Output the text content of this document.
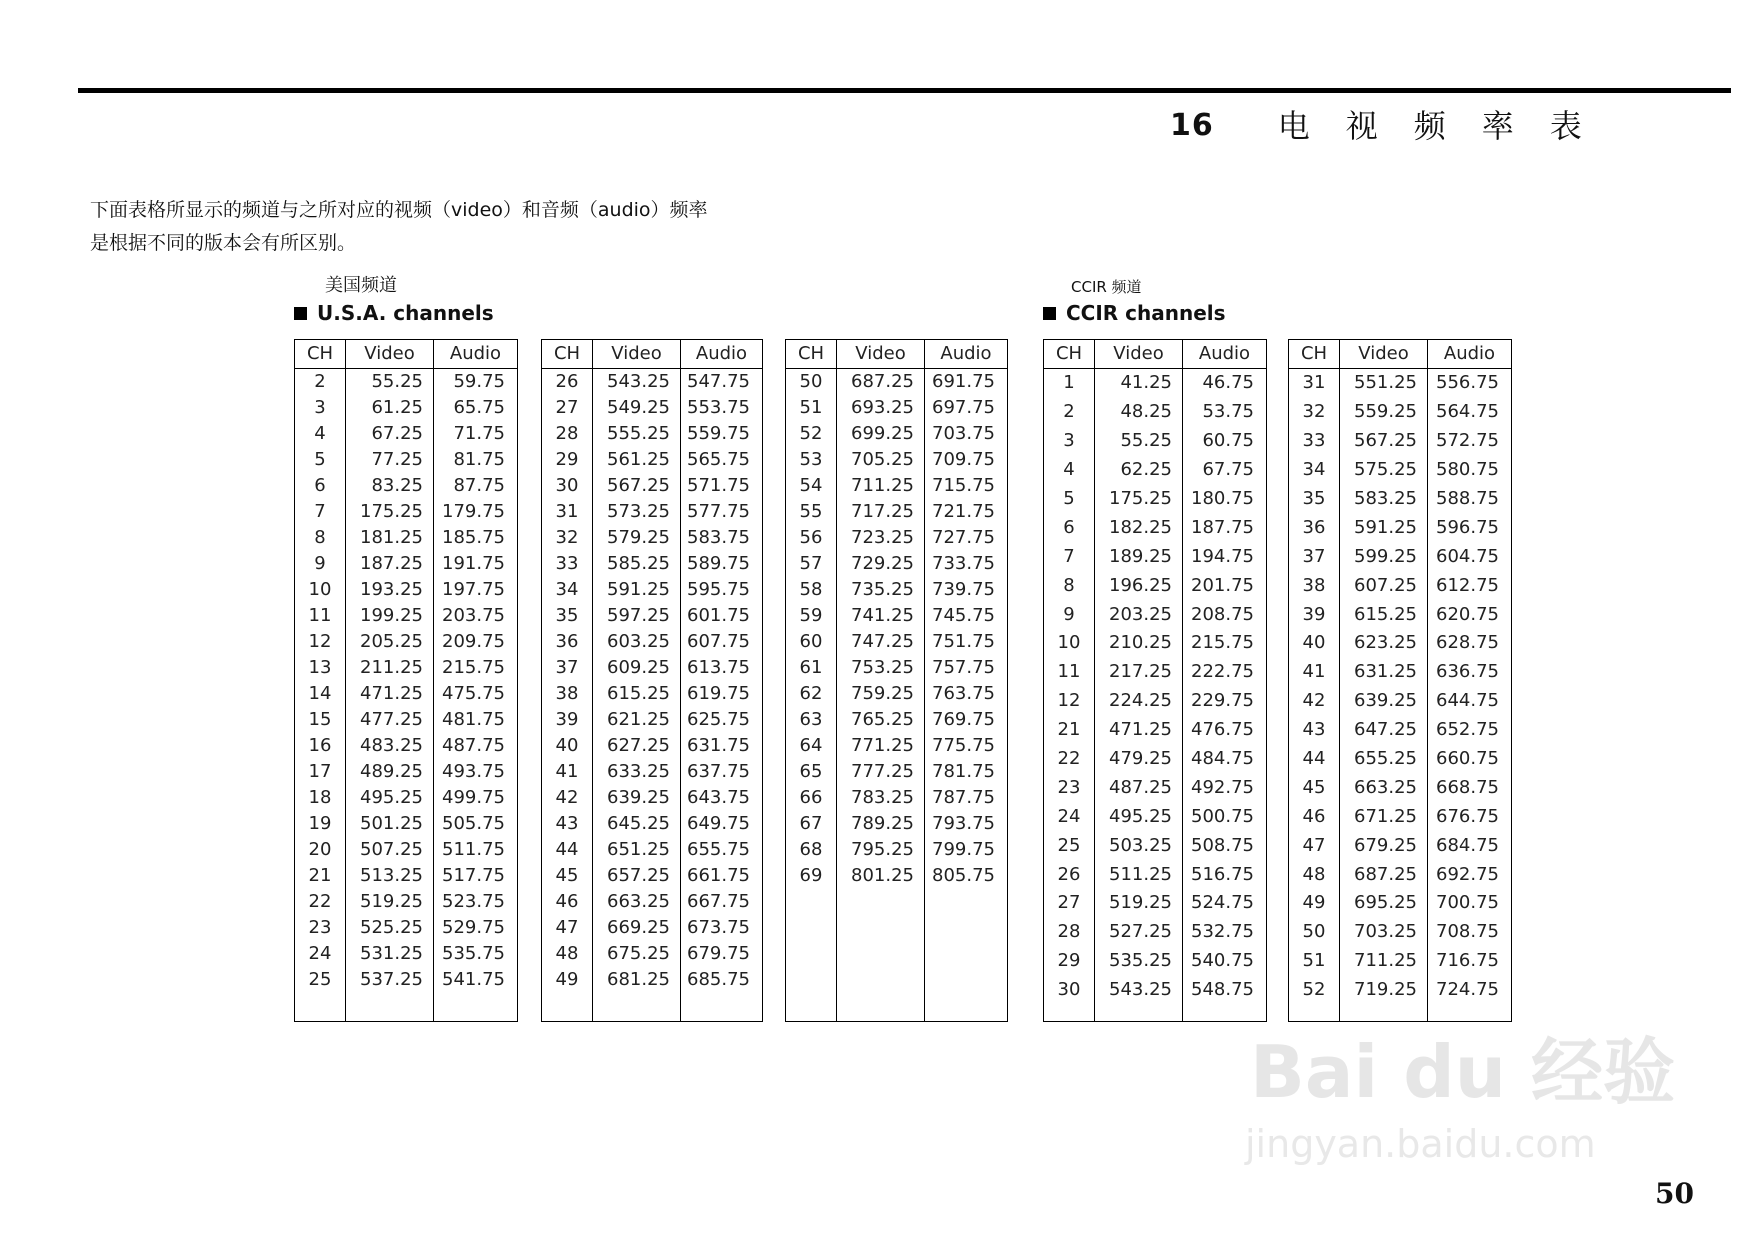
16 电视频率表
下面表格所显示的频道与之所对应的视频（video）和音频（audio）频率
是根据不同的版本会有所区别。
美国频道
U.S.A. channels
CCIR 频道
CCIR channels
CH	Video	Audio
2	55.25	59.75
3	61.25	65.75
4	67.25	71.75
5	77.25	81.75
6	83.25	87.75
7	175.25	179.75
8	181.25	185.75
9	187.25	191.75
10	193.25	197.75
11	199.25	203.75
12	205.25	209.75
13	211.25	215.75
14	471.25	475.75
15	477.25	481.75
16	483.25	487.75
17	489.25	493.75
18	495.25	499.75
19	501.25	505.75
20	507.25	511.75
21	513.25	517.75
22	519.25	523.75
23	525.25	529.75
24	531.25	535.75
25	537.25	541.75

CH	Video	Audio
26	543.25	547.75
27	549.25	553.75
28	555.25	559.75
29	561.25	565.75
30	567.25	571.75
31	573.25	577.75
32	579.25	583.75
33	585.25	589.75
34	591.25	595.75
35	597.25	601.75
36	603.25	607.75
37	609.25	613.75
38	615.25	619.75
39	621.25	625.75
40	627.25	631.75
41	633.25	637.75
42	639.25	643.75
43	645.25	649.75
44	651.25	655.75
45	657.25	661.75
46	663.25	667.75
47	669.25	673.75
48	675.25	679.75
49	681.25	685.75

CH	Video	Audio
50	687.25	691.75
51	693.25	697.75
52	699.25	703.75
53	705.25	709.75
54	711.25	715.75
55	717.25	721.75
56	723.25	727.75
57	729.25	733.75
58	735.25	739.75
59	741.25	745.75
60	747.25	751.75
61	753.25	757.75
62	759.25	763.75
63	765.25	769.75
64	771.25	775.75
65	777.25	781.75
66	783.25	787.75
67	789.25	793.75
68	795.25	799.75
69	801.25	805.75

CH	Video	Audio
1	41.25	46.75
2	48.25	53.75
3	55.25	60.75
4	62.25	67.75
5	175.25	180.75
6	182.25	187.75
7	189.25	194.75
8	196.25	201.75
9	203.25	208.75
10	210.25	215.75
11	217.25	222.75
12	224.25	229.75
21	471.25	476.75
22	479.25	484.75
23	487.25	492.75
24	495.25	500.75
25	503.25	508.75
26	511.25	516.75
27	519.25	524.75
28	527.25	532.75
29	535.25	540.75
30	543.25	548.75

CH	Video	Audio
31	551.25	556.75
32	559.25	564.75
33	567.25	572.75
34	575.25	580.75
35	583.25	588.75
36	591.25	596.75
37	599.25	604.75
38	607.25	612.75
39	615.25	620.75
40	623.25	628.75
41	631.25	636.75
42	639.25	644.75
43	647.25	652.75
44	655.25	660.75
45	663.25	668.75
46	671.25	676.75
47	679.25	684.75
48	687.25	692.75
49	695.25	700.75
50	703.25	708.75
51	711.25	716.75
52	719.25	724.75

Bai du 经验
jingyan.baidu.com
50
